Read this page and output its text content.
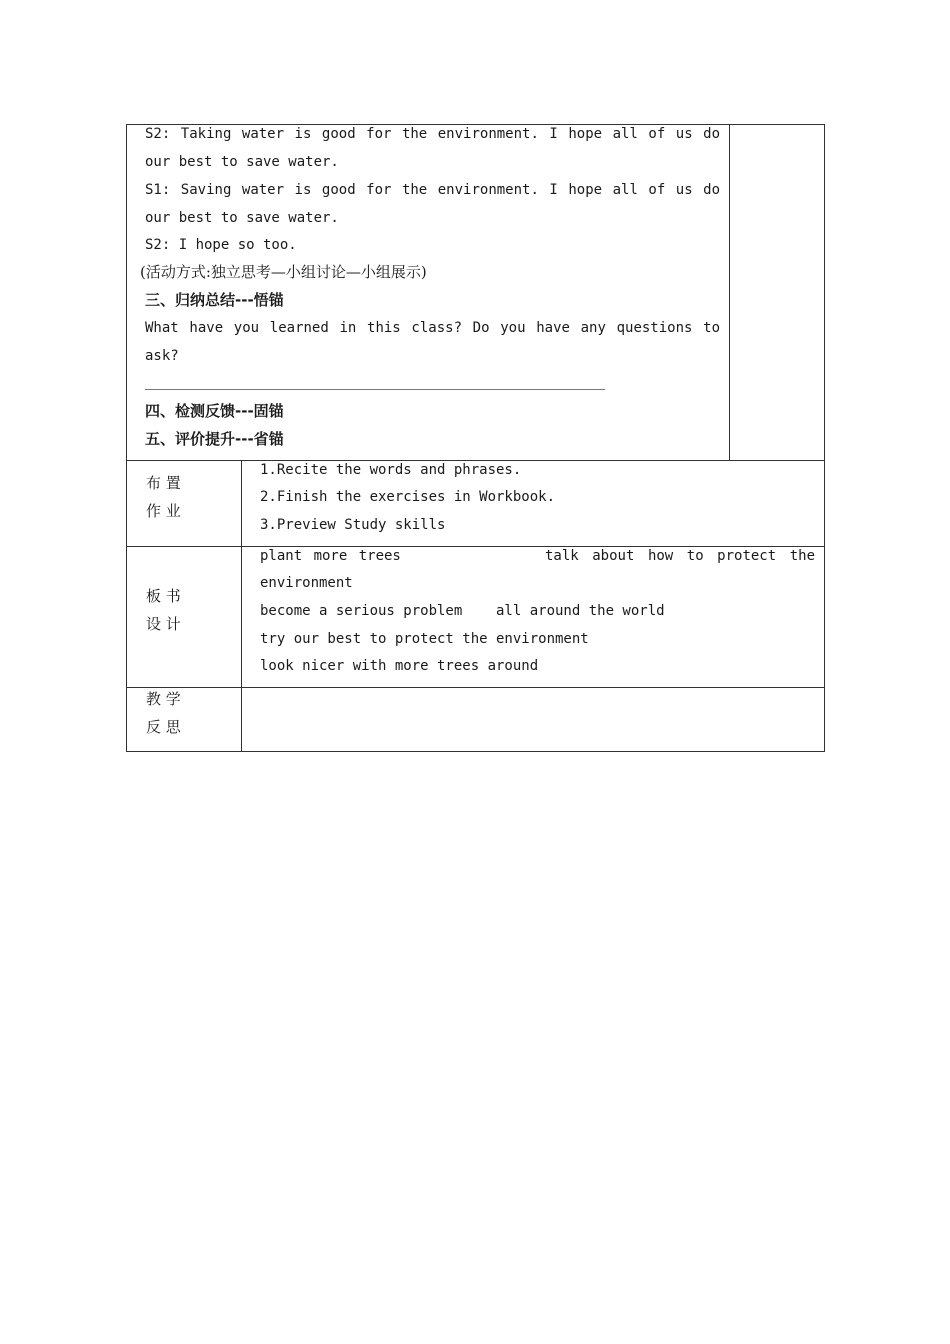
S2: Taking water is good for the environment. I hope all of us do
our best to save water.
S1: Saving water is good for the environment. I hope all of us do
our best to save water.
S2: I hope so too.
(活动方式:独立思考—小组讨论—小组展示)
三、归纳总结---悟锚
What have you learned in this class? Do you have any questions to
ask?
四、检测反馈---固锚
五、评价提升---省锚
布 置
作 业
1.Recite the words and phrases.
2.Finish the exercises in Workbook.
3.Preview Study skills
板 书
设 计
plant more trees	talk about how to protect the
environment
become a serious problem all around the world
try our best to protect the environment
look nicer with more trees around
教 学
反 思
